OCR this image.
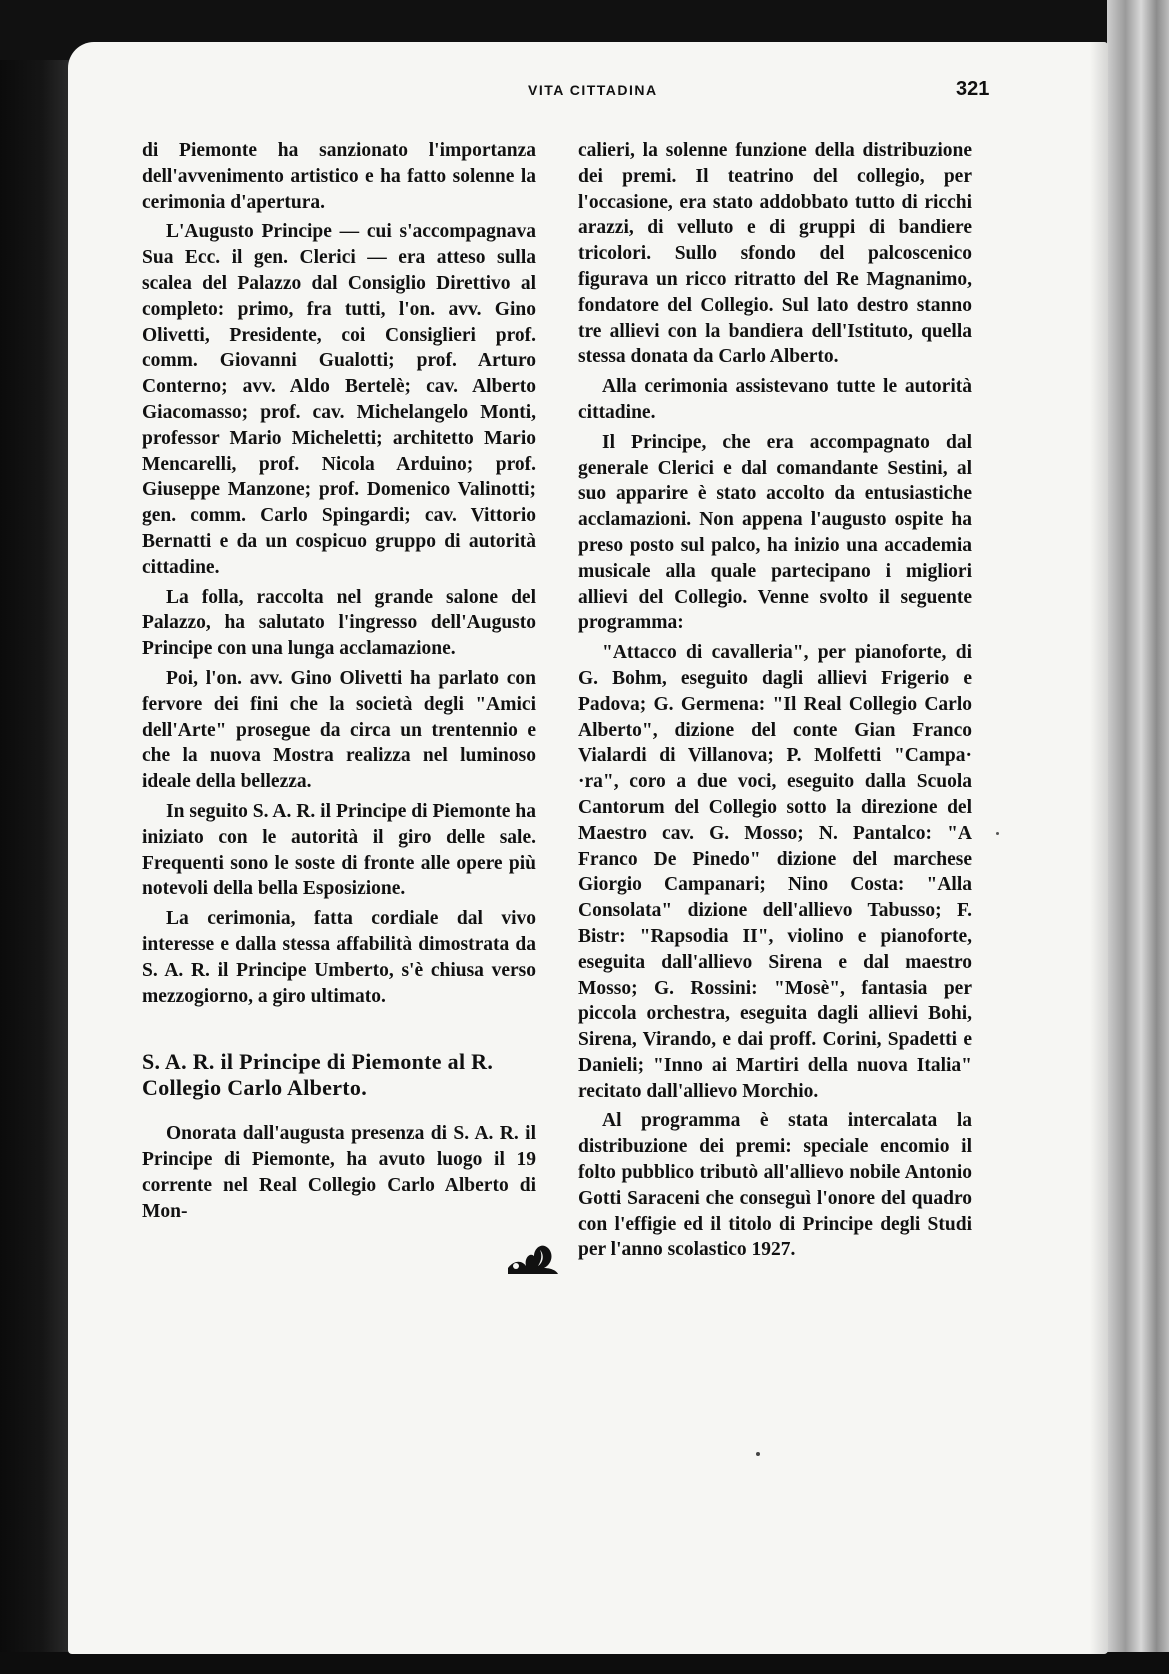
VITA CITTADINA	321

di Piemonte ha sanzionato l'importanza dell'avvenimento artistico e ha fatto solenne la cerimonia d'apertura.

L'Augusto Principe — cui s'accompagnava Sua Ecc. il gen. Clerici — era atteso sulla scalea del Palazzo dal Consiglio Direttivo al completo: primo, fra tutti, l'on. avv. Gino Olivetti, Presidente, coi Consiglieri prof. comm. Giovanni Gualotti; prof. Arturo Conterno; avv. Aldo Bertelè; cav. Alberto Giacomasso; prof. cav. Michelangelo Monti, professor Mario Micheletti; architetto Mario Mencarelli, prof. Nicola Arduino; prof. Giuseppe Manzone; prof. Domenico Valinotti; gen. comm. Carlo Spingardi; cav. Vittorio Bernatti e da un cospicuo gruppo di autorità cittadine.

La folla, raccolta nel grande salone del Palazzo, ha salutato l'ingresso dell'Augusto Principe con una lunga acclamazione.

Poi, l'on. avv. Gino Olivetti ha parlato con fervore dei fini che la società degli "Amici dell'Arte" prosegue da circa un trentennio e che la nuova Mostra realizza nel luminoso ideale della bellezza.

In seguito S. A. R. il Principe di Piemonte ha iniziato con le autorità il giro delle sale. Frequenti sono le soste di fronte alle opere più notevoli della bella Esposizione.

La cerimonia, fatta cordiale dal vivo interesse e dalla stessa affabilità dimostrata da S. A. R. il Principe Umberto, s'è chiusa verso mezzogiorno, a giro ultimato.

S. A. R. il Principe di Piemonte al R. Collegio Carlo Alberto.

Onorata dall'augusta presenza di S. A. R. il Principe di Piemonte, ha avuto luogo il 19 corrente nel Real Collegio Carlo Alberto di Mon-

calieri, la solenne funzione della distribuzione dei premi. Il teatrino del collegio, per l'occasione, era stato addobbato tutto di ricchi arazzi, di velluto e di gruppi di bandiere tricolori. Sullo sfondo del palcoscenico figurava un ricco ritratto del Re Magnanimo, fondatore del Collegio. Sul lato destro stanno tre allievi con la bandiera dell'Istituto, quella stessa donata da Carlo Alberto.

Alla cerimonia assistevano tutte le autorità cittadine.

Il Principe, che era accompagnato dal generale Clerici e dal comandante Sestini, al suo apparire è stato accolto da entusiastiche acclamazioni. Non appena l'augusto ospite ha preso posto sul palco, ha inizio una accademia musicale alla quale partecipano i migliori allievi del Collegio. Venne svolto il seguente programma:

"Attacco di cavalleria", per pianoforte, di G. Bohm, eseguito dagli allievi Frigerio e Padova; G. Germena: "Il Real Collegio Carlo Alberto", dizione del conte Gian Franco Vialardi di Villanova; P. Molfetti "Campa· ·ra", coro a due voci, eseguito dalla Scuola Cantorum del Collegio sotto la direzione del Maestro cav. G. Mosso; N. Pantalco: "A Franco De Pinedo" dizione del marchese Giorgio Campanari; Nino Costa: "Alla Consolata" dizione dell'allievo Tabusso; F. Bistr: "Rapsodia II", violino e pianoforte, eseguita dall'allievo Sirena e dal maestro Mosso; G. Rossini: "Mosè", fantasia per piccola orchestra, eseguita dagli allievi Bohi, Sirena, Virando, e dai proff. Corini, Spadetti e Danieli; "Inno ai Martiri della nuova Italia" recitato dall'allievo Morchio.

Al programma è stata intercalata la distribuzione dei premi: speciale encomio il folto pubblico tributò all'allievo nobile Antonio Gotti Saraceni che conseguì l'onore del quadro con l'effigie ed il titolo di Principe degli Studi per l'anno scolastico 1927.
